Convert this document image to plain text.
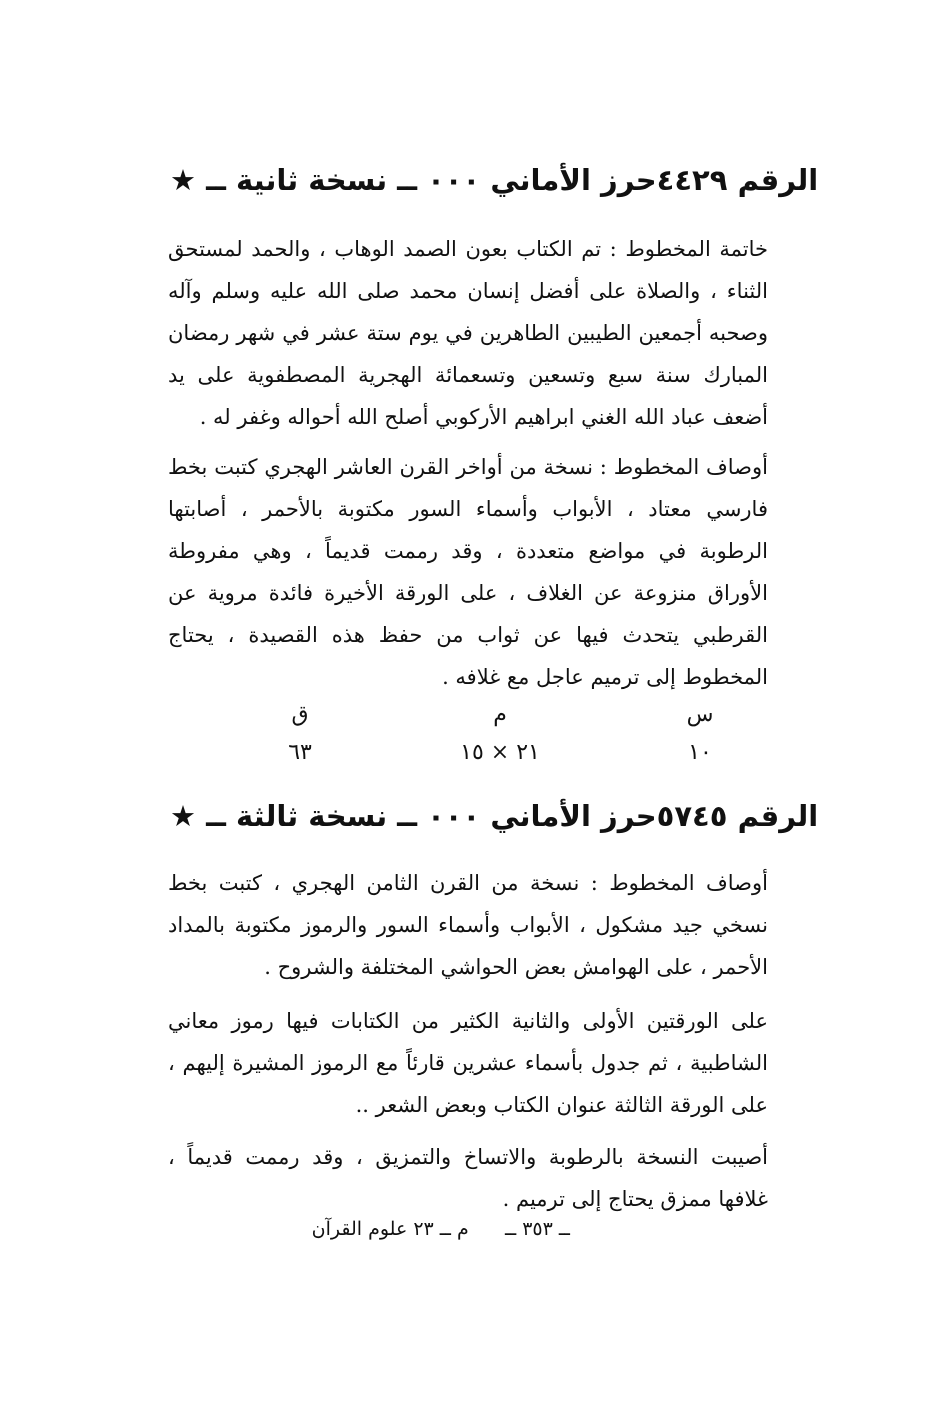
حرز الأماني ٠٠٠ ــ نسخة ثانية ــ ★ الرقم ٤٤٢٩
خاتمة المخطوط : تم الكتاب بعون الصمد الوهاب ، والحمد لمستحق الثناء ، والصلاة على أفضل إنسان محمد صلى الله عليه وسلم وآله وصحبه أجمعين الطيبين الطاهرين في يوم ستة عشر في شهر رمضان المبارك سنة سبع وتسعين وتسعمائة الهجرية المصطفوية على يد أضعف عباد الله الغني ابراهيم الأركوبي أصلح الله أحواله وغفر له .
أوصاف المخطوط : نسخة من أواخر القرن العاشر الهجري كتبت بخط فارسي معتاد ، الأبواب وأسماء السور مكتوبة بالأحمر ، أصابتها الرطوبة في مواضع متعددة ، وقد رممت قديماً ، وهي مفروطة الأوراق منزوعة عن الغلاف ، على الورقة الأخيرة فائدة مروية عن القرطبي يتحدث فيها عن ثواب من حفظ هذه القصيدة ، يحتاج المخطوط إلى ترميم عاجل مع غلافه .
ق	م	س
٦٣	٢١ × ١٥	١٠
حرز الأماني ٠٠٠ ــ نسخة ثالثة ــ ★ الرقم ٥٧٤٥
أوصاف المخطوط : نسخة من القرن الثامن الهجري ، كتبت بخط نسخي جيد مشكول ، الأبواب وأسماء السور والرموز مكتوبة بالمداد الأحمر ، على الهوامش بعض الحواشي المختلفة والشروح .
على الورقتين الأولى والثانية الكثير من الكتابات فيها رموز معاني الشاطبية ، ثم جدول بأسماء عشرين قارئاً مع الرموز المشيرة إليهم ، على الورقة الثالثة عنوان الكتاب وبعض الشعر ..
أصيبت النسخة بالرطوبة والاتساخ والتمزيق ، وقد رممت قديماً ، غلافها ممزق يحتاج إلى ترميم .
ــ ٣٥٣ ــ      م ــ ٢٣ علوم القرآن
